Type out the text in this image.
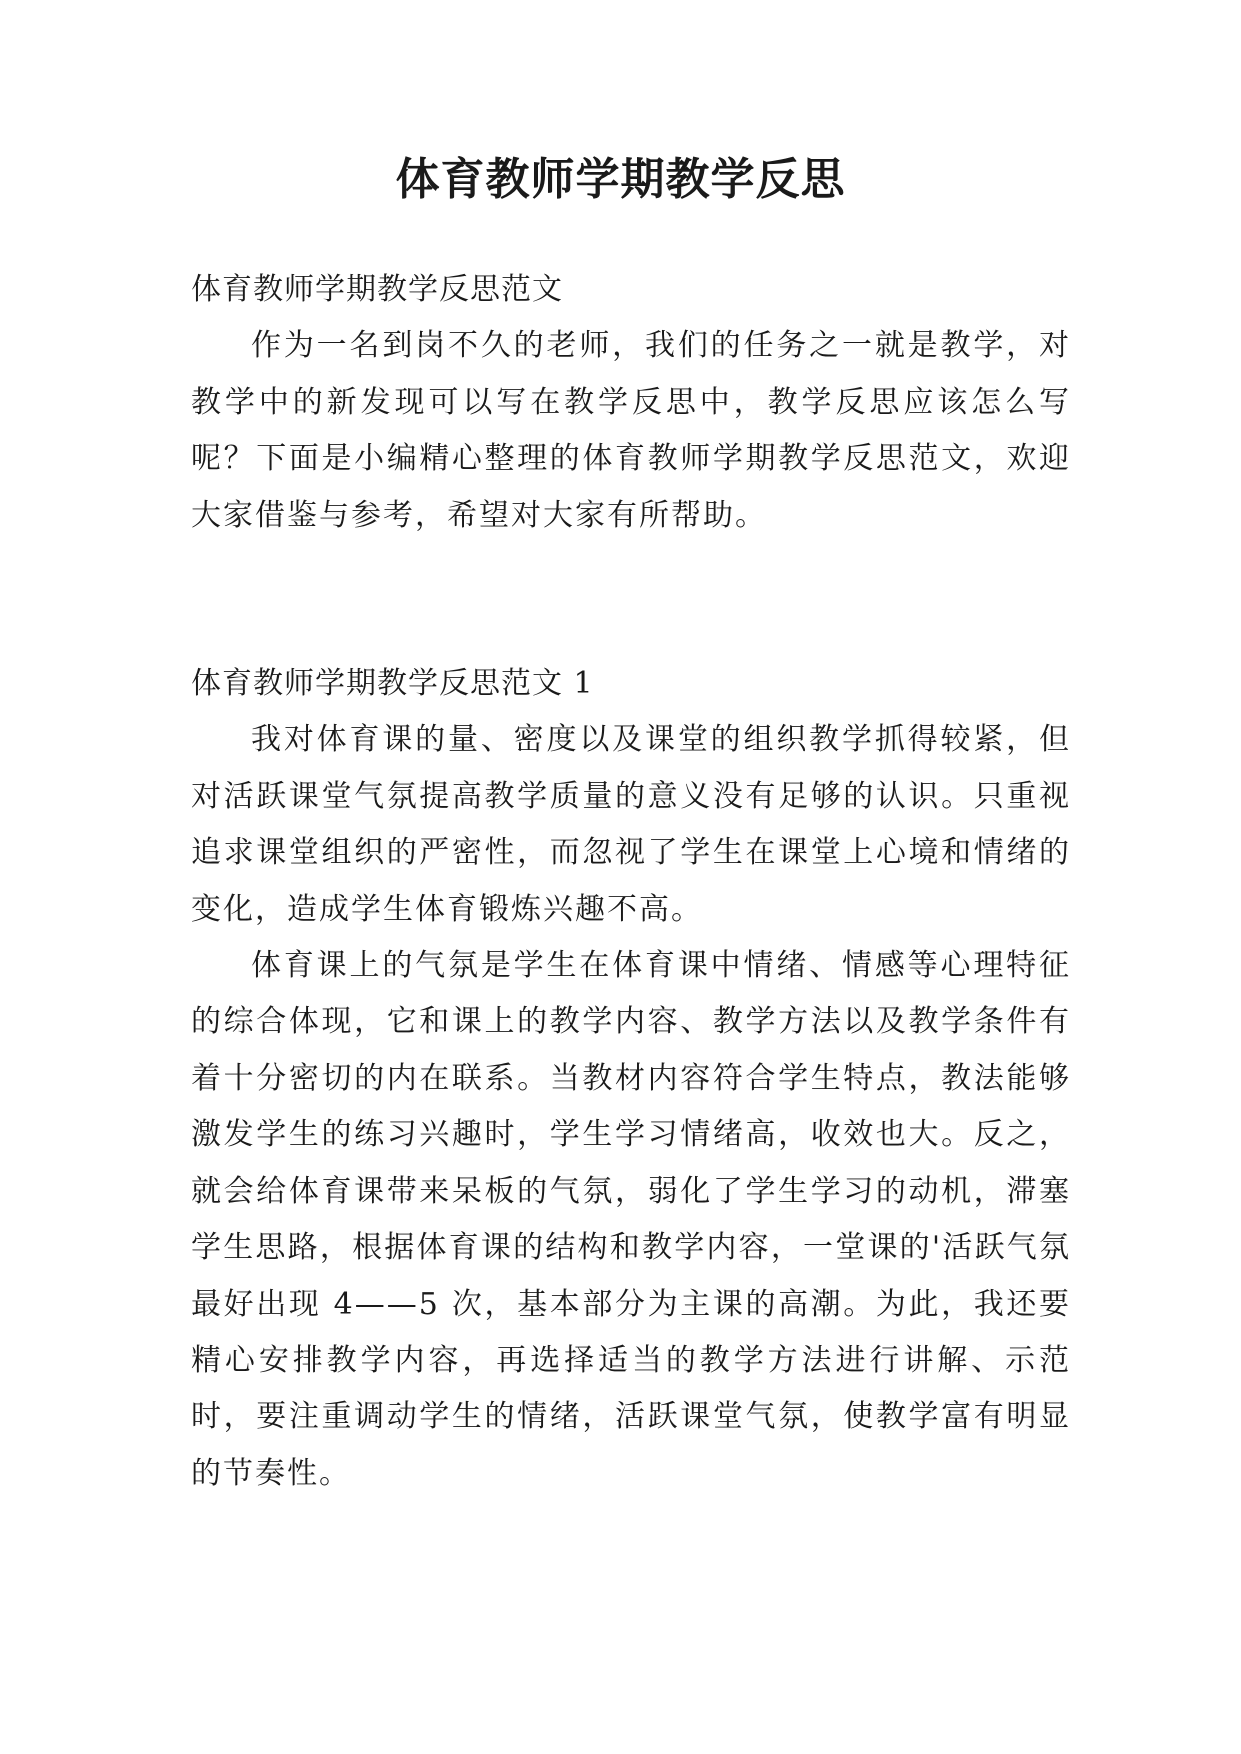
体育教师学期教学反思
体育教师学期教学反思范文

作为一名到岗不久的老师，我们的任务之一就是教学，对教学中的新发现可以写在教学反思中，教学反思应该怎么写呢？下面是小编精心整理的体育教师学期教学反思范文，欢迎大家借鉴与参考，希望对大家有所帮助。

体育教师学期教学反思范文 1

我对体育课的量、密度以及课堂的组织教学抓得较紧，但对活跃课堂气氛提高教学质量的意义没有足够的认识。只重视追求课堂组织的严密性，而忽视了学生在课堂上心境和情绪的变化，造成学生体育锻炼兴趣不高。

体育课上的气氛是学生在体育课中情绪、情感等心理特征的综合体现，它和课上的教学内容、教学方法以及教学条件有着十分密切的内在联系。当教材内容符合学生特点，教法能够激发学生的练习兴趣时，学生学习情绪高，收效也大。反之，就会给体育课带来呆板的气氛，弱化了学生学习的动机，滞塞学生思路，根据体育课的结构和教学内容，一堂课的'活跃气氛最好出现 4——5 次，基本部分为主课的高潮。为此，我还要精心安排教学内容，再选择适当的教学方法进行讲解、示范时，要注重调动学生的情绪，活跃课堂气氛，使教学富有明显的节奏性。
